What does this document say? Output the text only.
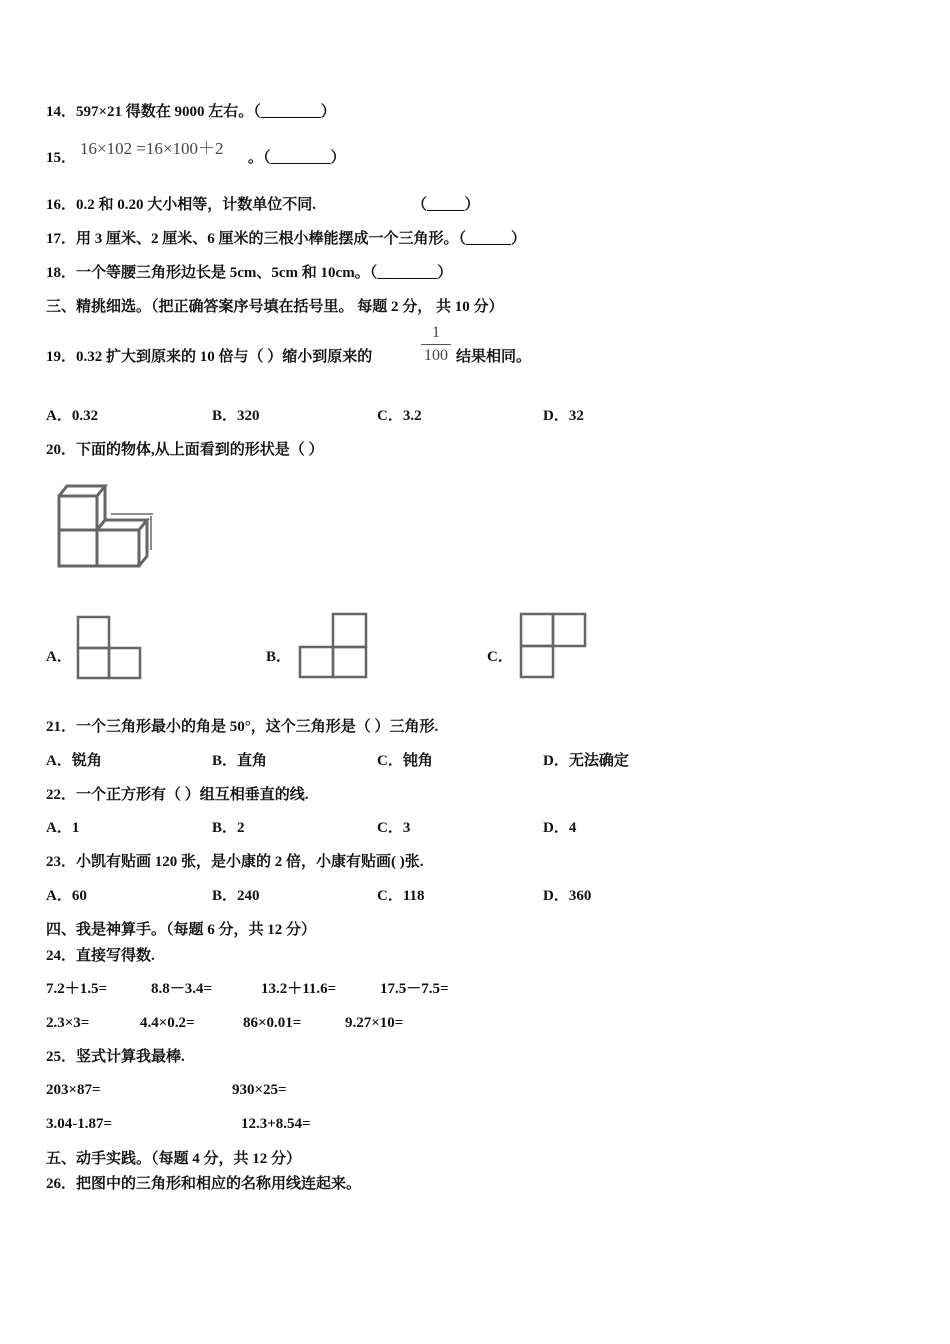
14．597×21 得数在 9000 左右。（________）
15． 16×102 =16×100＋2 。（________）
16．0.2 和 0.20 大小相等，计数单位不同.	（_____）
17．用 3 厘米、2 厘米、6 厘米的三根小棒能摆成一个三角形。（______）
18．一个等腰三角形边长是 5cm、5cm 和 10cm。（________）
三、精挑细选。（把正确答案序号填在括号里。 每题 2 分， 共 10 分）
19．0.32 扩大到原来的 10 倍与（ ）缩小到原来的	$\frac{1}{100}$ 结果相同。
A．0.32	B．320	C．3.2	D．32
20．下面的物体,从上面看到的形状是（ ）
A．	B．	C．
21．一个三角形最小的角是 50°，这个三角形是（ ）三角形.
A．锐角	B．直角	C．钝角	D．无法确定
22．一个正方形有（ ）组互相垂直的线.
A．1	B．2	C．3	D．4
23．小凯有贴画 120 张，是小康的 2 倍，小康有贴画( )张.
A．60	B．240	C．118	D．360
四、我是神算手。（每题 6 分，共 12 分）
24．直接写得数.
7.2＋1.5=	8.8－3.4=	13.2＋11.6=	17.5－7.5=
2.3×3=	4.4×0.2=	86×0.01=	9.27×10=
25．竖式计算我最棒.
203×87=	930×25=
3.04-1.87=	12.3+8.54=
五、动手实践。（每题 4 分，共 12 分）
26．把图中的三角形和相应的名称用线连起来。
